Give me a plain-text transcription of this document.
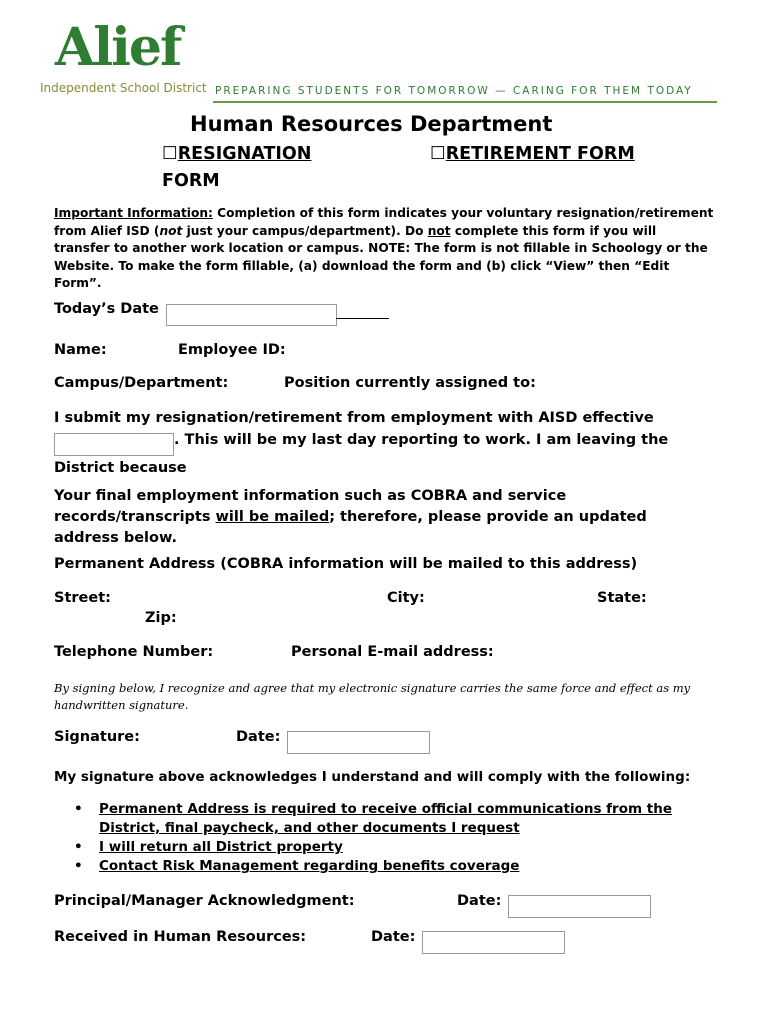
Alief
Independent School District PREPARING STUDENTS FOR TOMORROW — CARING FOR THEM TODAY
Human Resources Department
☐RESIGNATION
FORM
☐RETIREMENT FORM
Important Information: Completion of this form indicates your voluntary resignation/retirement from Alief ISD (not just your campus/department). Do not complete this form if you will transfer to another work location or campus. NOTE: The form is not fillable in Schoology or the Website. To make the form fillable, (a) download the form and (b) click “View” then “Edit Form”.
Today’s Date
Name:	Employee ID:
Campus/Department:	Position currently assigned to:
I submit my resignation/retirement from employment with AISD effective
. This will be my last day reporting to work. I am leaving the
District because
Your final employment information such as COBRA and service records/transcripts will be mailed; therefore, please provide an updated address below.
Permanent Address (COBRA information will be mailed to this address)
Street:	City:	State:
Zip:
Telephone Number:	Personal E-mail address:
By signing below, I recognize and agree that my electronic signature carries the same force and effect as my handwritten signature.
Signature:	Date:
My signature above acknowledges I understand and will comply with the following:
• Permanent Address is required to receive official communications from the District, final paycheck, and other documents I request
• I will return all District property
• Contact Risk Management regarding benefits coverage
Principal/Manager Acknowledgment:	Date:
Received in Human Resources:	Date:
